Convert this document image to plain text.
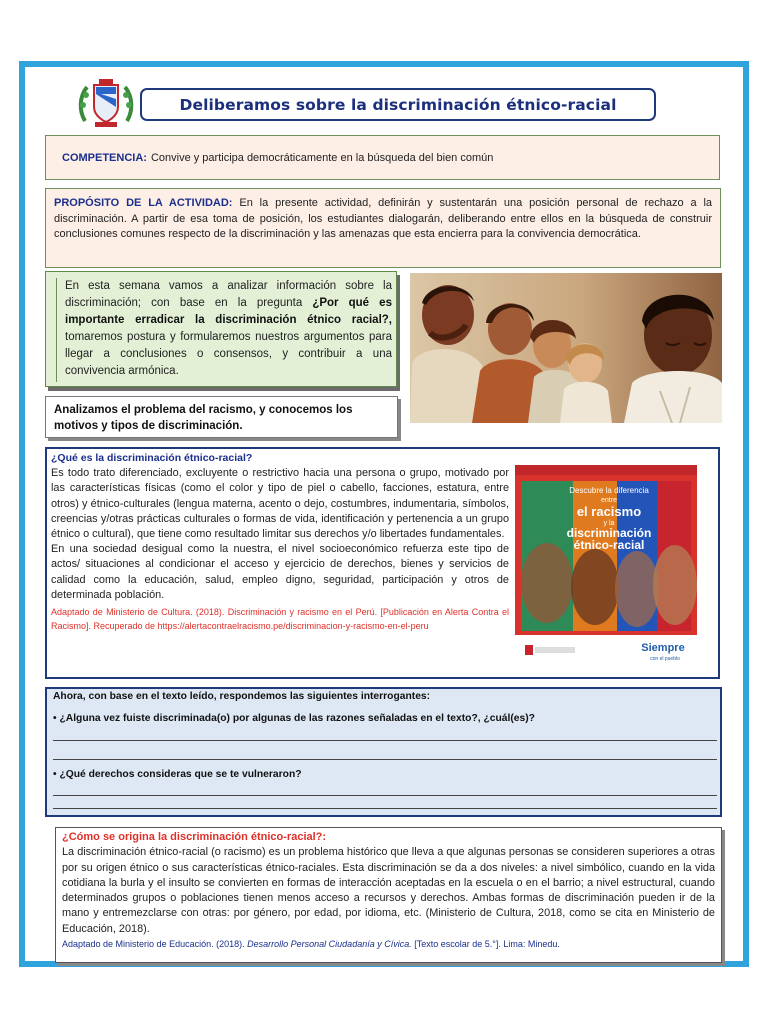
Deliberamos sobre la discriminación étnico-racial
COMPETENCIA: Convive y participa democráticamente en la búsqueda del bien común
PROPÓSITO DE LA ACTIVIDAD: En la presente actividad, definirán y sustentarán una posición personal de rechazo a la discriminación. A partir de esa toma de posición, los estudiantes dialogarán, deliberando entre ellos en la búsqueda de construir conclusiones comunes respecto de la discriminación y las amenazas que esta encierra para la convivencia democrática.
En esta semana vamos a analizar información sobre la discriminación; con base en la pregunta ¿Por qué es importante erradicar la discriminación étnico racial?, tomaremos postura y formularemos nuestros argumentos para llegar a conclusiones o consensos, y contribuir a una convivencia armónica.
Analizamos el problema del racismo, y conocemos los motivos y tipos de discriminación.
¿Qué es la discriminación étnico-racial?
Es todo trato diferenciado, excluyente o restrictivo hacia una persona o grupo, motivado por las características físicas (como el color y tipo de piel o cabello, facciones, estatura, entre otros) y étnico-culturales (lengua materna, acento o dejo, costumbres, indumentaria, símbolos, creencias y/otras prácticas culturales o formas de vida, identificación y pertenencia a un grupo étnico o cultural), que tiene como resultado limitar sus derechos y/o libertades fundamentales.
En una sociedad desigual como la nuestra, el nivel socioeconómico refuerza este tipo de actos/ situaciones al condicionar el acceso y ejercicio de derechos, bienes y servicios de calidad como la educación, salud, empleo digno, seguridad, participación y otros de determinada población.
Adaptado de Ministerio de Cultura. (2018). Discriminación y racismo en el Perú. [Publicación en Alerta Contra el Racismo]. Recuperado de https://alertacontraelracismo.pe/discriminacion-y-racismo-en-el-peru
Descubre la diferencia
entre
el racismo
y la
discriminación
étnico-racial
Siempre
con el pueblo
Ahora, con base en el texto leído, respondemos las siguientes interrogantes:
• ¿Alguna vez fuiste discriminada(o) por algunas de las razones señaladas en el texto?, ¿cuál(es)?
• ¿Qué derechos consideras que se te vulneraron?
¿Cómo se origina la discriminación étnico-racial?:
La discriminación étnico-racial (o racismo) es un problema histórico que lleva a que algunas personas se consideren superiores a otras por su origen étnico o sus características étnico-raciales. Esta discriminación se da a dos niveles: a nivel simbólico, cuando en la vida cotidiana la burla y el insulto se convierten en formas de interacción aceptadas en la escuela o en el barrio; a nivel estructural, cuando determinados grupos o poblaciones tienen menos acceso a recursos y derechos. Ambas formas de discriminación pueden ir de la mano y entremezclarse con otras: por género, por edad, por idioma, etc. (Ministerio de Cultura, 2018, como se cita en Ministerio de Educación, 2018).
Adaptado de Ministerio de Educación. (2018). Desarrollo Personal Ciudadanía y Cívica. [Texto escolar de 5.°]. Lima: Minedu.
